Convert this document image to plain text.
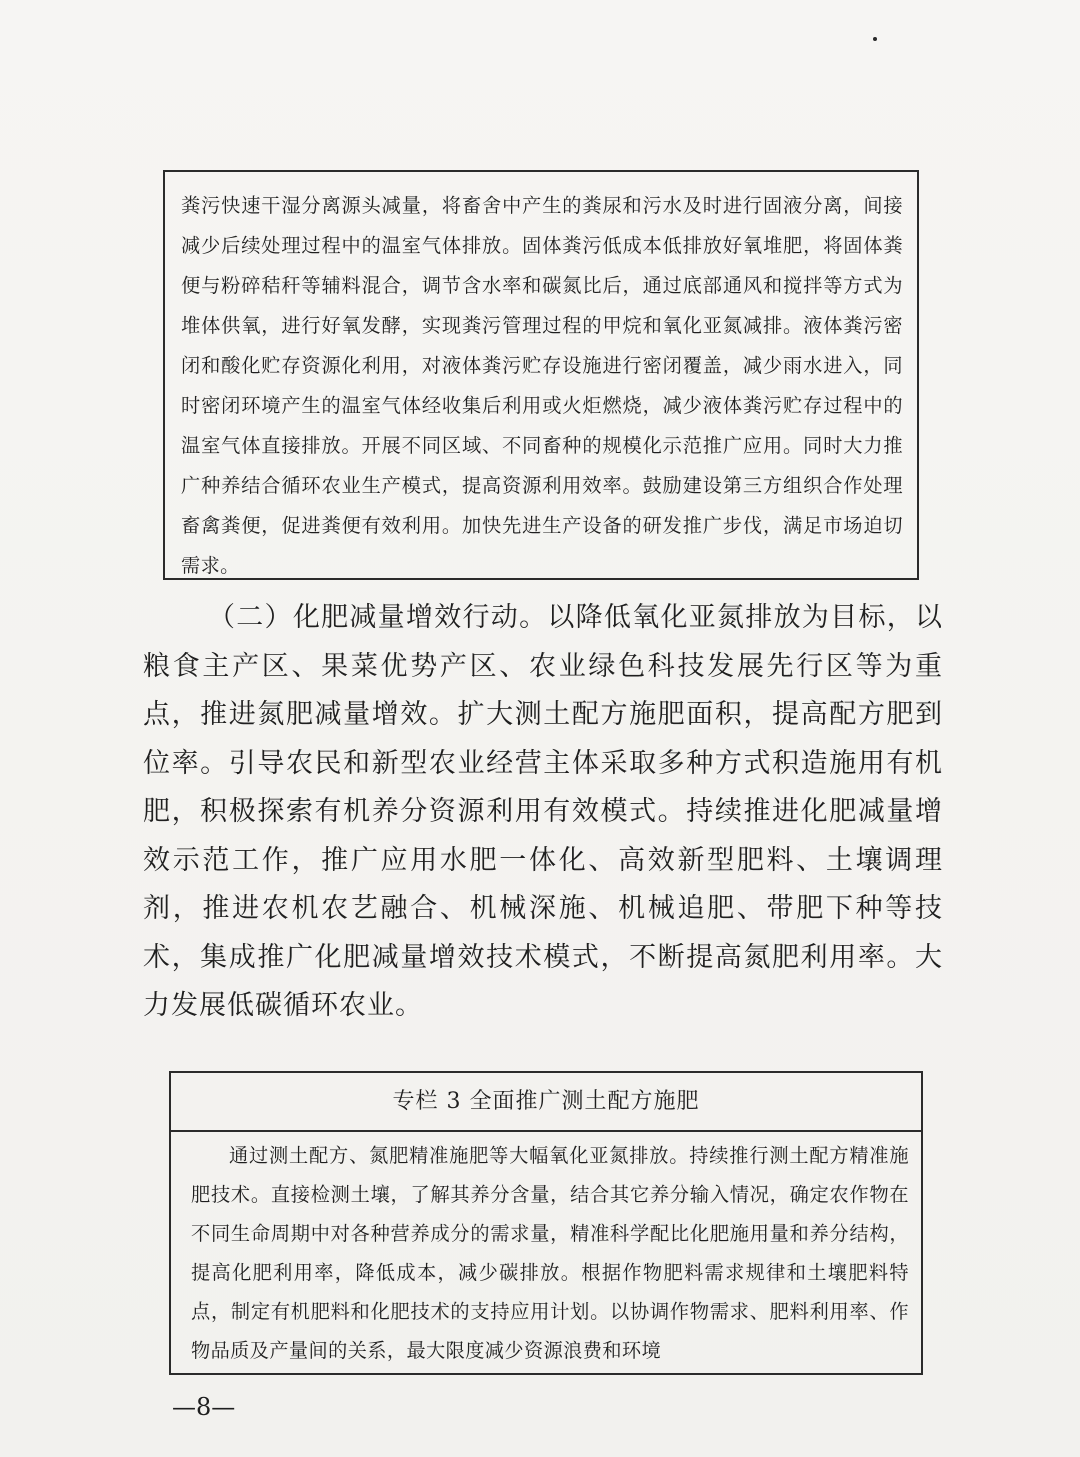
粪污快速干湿分离源头减量，将畜舍中产生的粪尿和污水及时进行固液分离，间接减少后续处理过程中的温室气体排放。固体粪污低成本低排放好氧堆肥，将固体粪便与粉碎秸秆等辅料混合，调节含水率和碳氮比后，通过底部通风和搅拌等方式为堆体供氧，进行好氧发酵，实现粪污管理过程的甲烷和氧化亚氮减排。液体粪污密闭和酸化贮存资源化利用，对液体粪污贮存设施进行密闭覆盖，减少雨水进入，同时密闭环境产生的温室气体经收集后利用或火炬燃烧，减少液体粪污贮存过程中的温室气体直接排放。开展不同区域、不同畜种的规模化示范推广应用。同时大力推广种养结合循环农业生产模式，提高资源利用效率。鼓励建设第三方组织合作处理畜禽粪便，促进粪便有效利用。加快先进生产设备的研发推广步伐，满足市场迫切需求。

（二）化肥减量增效行动。以降低氧化亚氮排放为目标，以粮食主产区、果菜优势产区、农业绿色科技发展先行区等为重点，推进氮肥减量增效。扩大测土配方施肥面积，提高配方肥到位率。引导农民和新型农业经营主体采取多种方式积造施用有机肥，积极探索有机养分资源利用有效模式。持续推进化肥减量增效示范工作，推广应用水肥一体化、高效新型肥料、土壤调理剂，推进农机农艺融合、机械深施、机械追肥、带肥下种等技术，集成推广化肥减量增效技术模式，不断提高氮肥利用率。大力发展低碳循环农业。

专栏 3 全面推广测土配方施肥

通过测土配方、氮肥精准施肥等大幅氧化亚氮排放。持续推行测土配方精准施肥技术。直接检测土壤，了解其养分含量，结合其它养分输入情况，确定农作物在不同生命周期中对各种营养成分的需求量，精准科学配比化肥施用量和养分结构，提高化肥利用率，降低成本，减少碳排放。根据作物肥料需求规律和土壤肥料特点，制定有机肥料和化肥技术的支持应用计划。以协调作物需求、肥料利用率、作物品质及产量间的关系，最大限度减少资源浪费和环境

—8—
